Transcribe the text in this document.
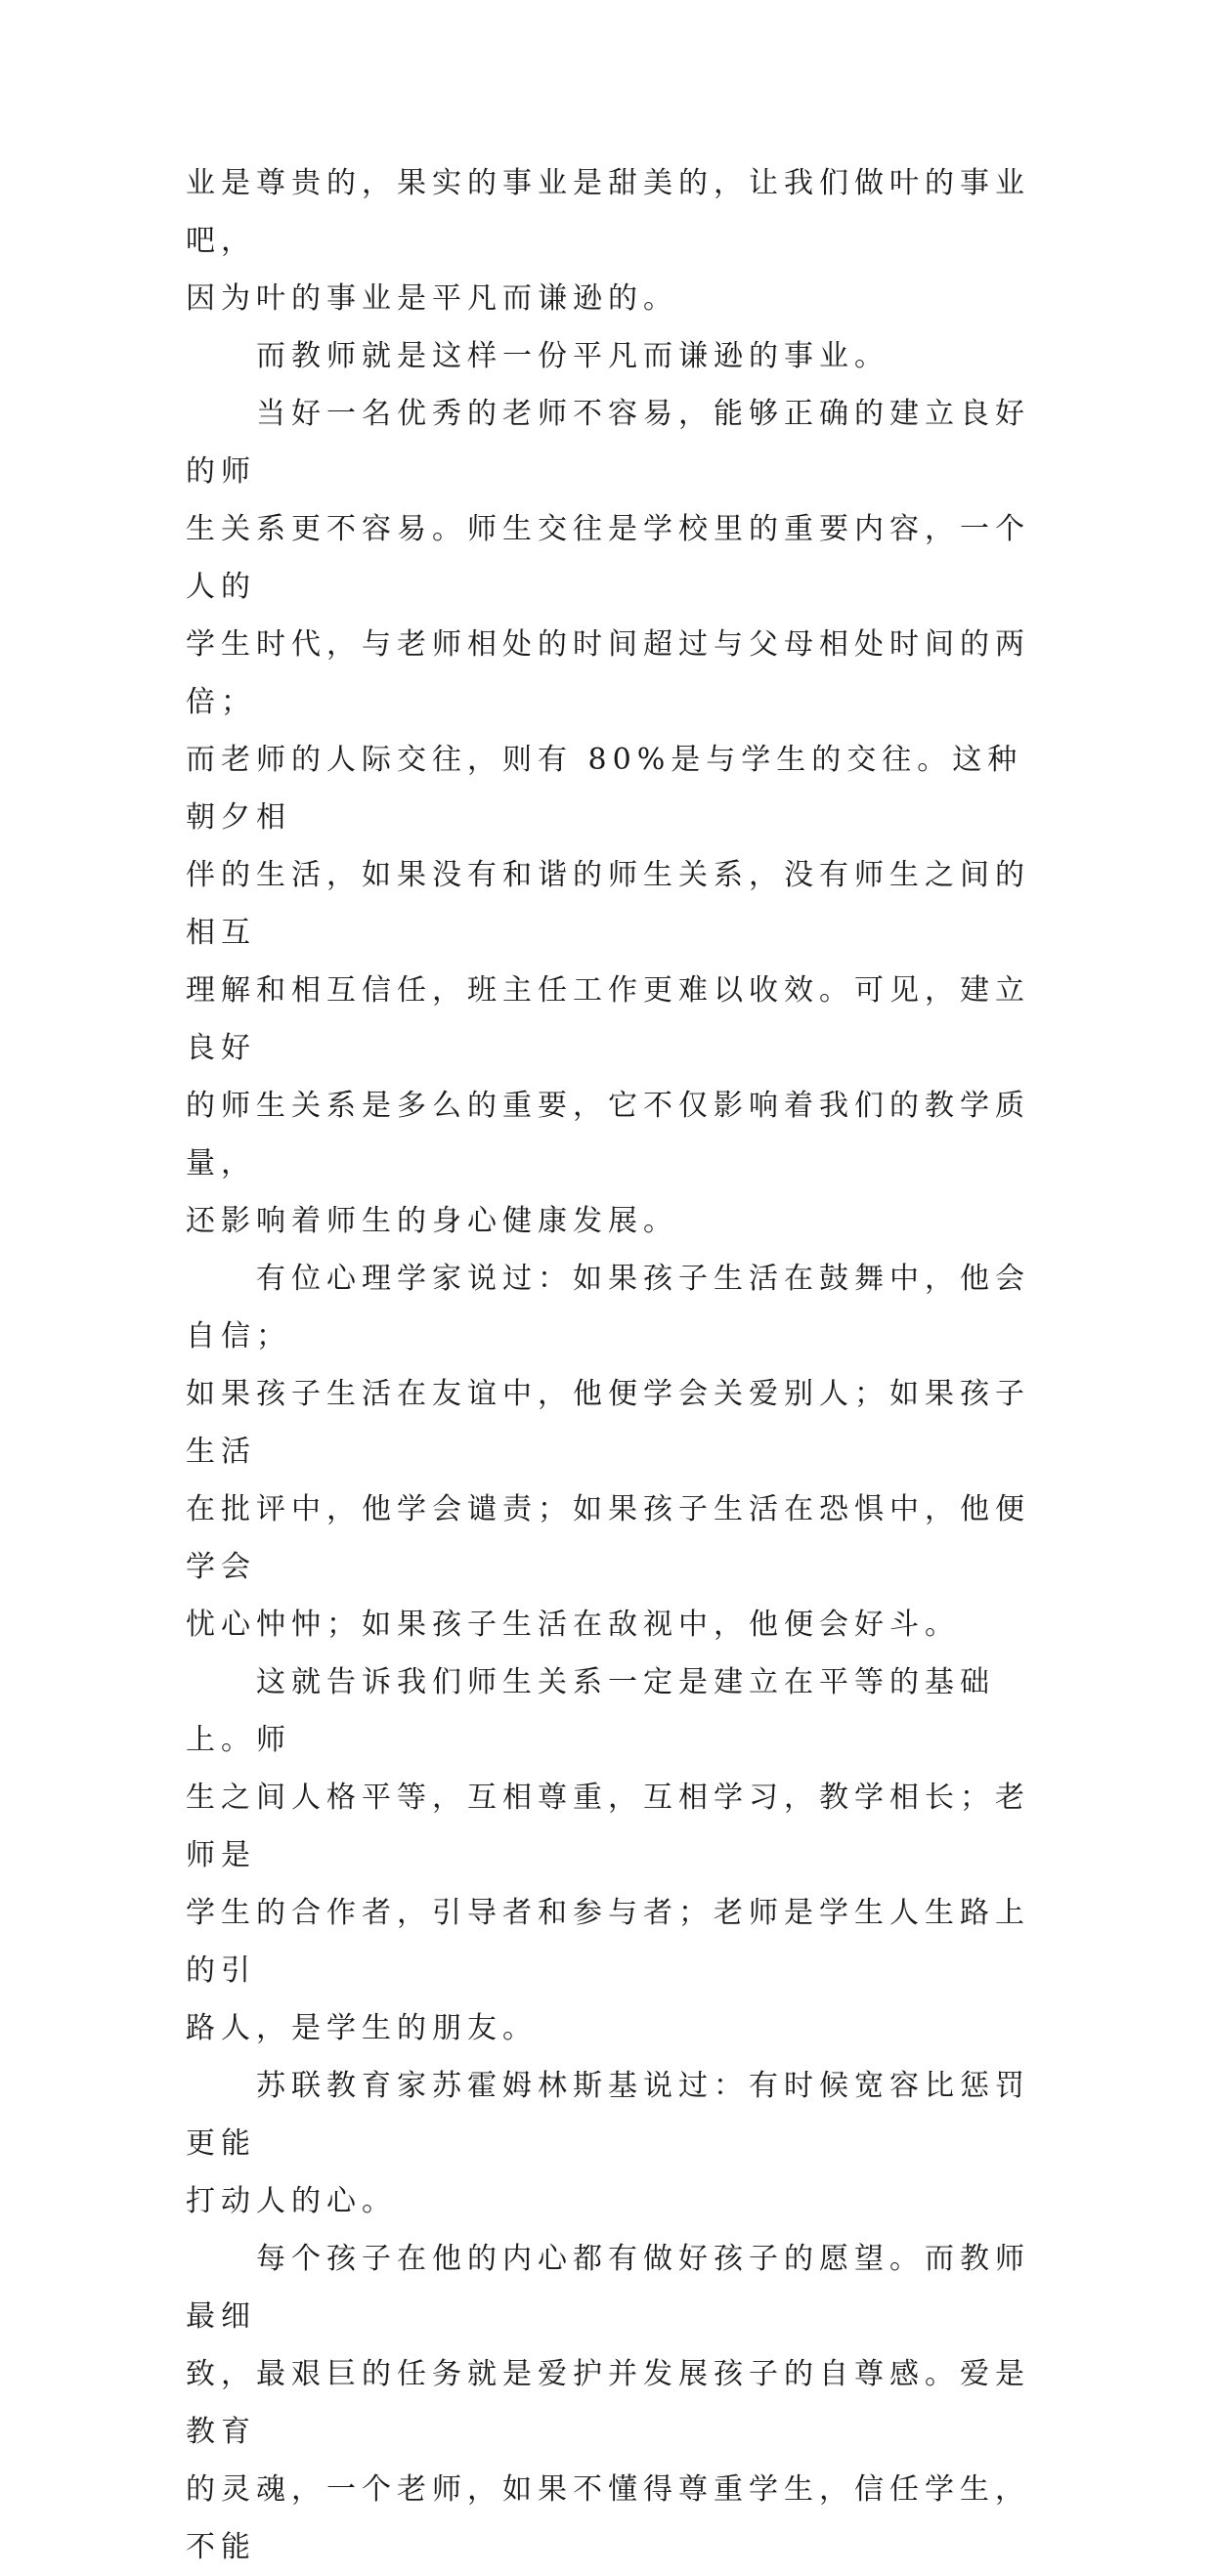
业是尊贵的，果实的事业是甜美的，让我们做叶的事业吧，
因为叶的事业是平凡而谦逊的。

　　而教师就是这样一份平凡而谦逊的事业。

　　当好一名优秀的老师不容易，能够正确的建立良好的师
生关系更不容易。师生交往是学校里的重要内容，一个人的
学生时代，与老师相处的时间超过与父母相处时间的两倍；
而老师的人际交往，则有 80%是与学生的交往。这种朝夕相
伴的生活，如果没有和谐的师生关系，没有师生之间的相互
理解和相互信任，班主任工作更难以收效。可见，建立良好
的师生关系是多么的重要，它不仅影响着我们的教学质量，
还影响着师生的身心健康发展。

　　有位心理学家说过：如果孩子生活在鼓舞中，他会自信；
如果孩子生活在友谊中，他便学会关爱别人；如果孩子生活
在批评中，他学会谴责；如果孩子生活在恐惧中，他便学会
忧心忡忡；如果孩子生活在敌视中，他便会好斗。

　　这就告诉我们师生关系一定是建立在平等的基础上。师
生之间人格平等，互相尊重，互相学习，教学相长；老师是
学生的合作者，引导者和参与者；老师是学生人生路上的引
路人，是学生的朋友。

　　苏联教育家苏霍姆林斯基说过：有时候宽容比惩罚更能
打动人的心。

　　每个孩子在他的内心都有做好孩子的愿望。而教师最细
致，最艰巨的任务就是爱护并发展孩子的自尊感。爱是教育
的灵魂，一个老师，如果不懂得尊重学生，信任学生，不能
